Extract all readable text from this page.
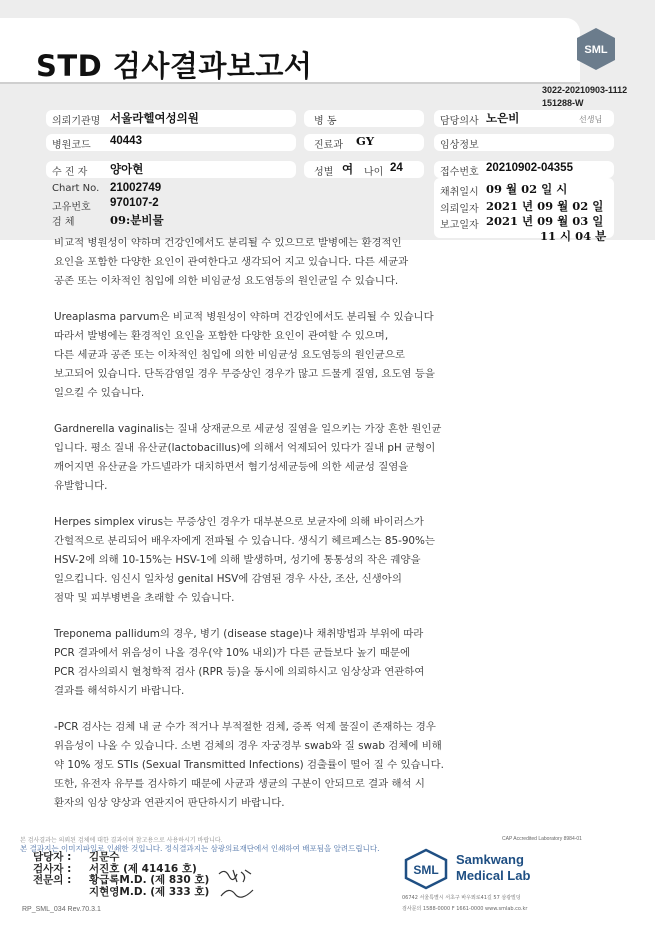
STD 검사결과보고서	SML
3022-20210903-1112
151288-W
의뢰기관명 서울라헬여성의원	병 동	담당의사 노은비	선생님
병원코드 40443	진료과 GY	임상정보
수 진 자 양아현	성별 여 나이 24	접수번호 20210902-04355
Chart No. 21002749
고유번호 970107-2
검 체	09:분비물
채취일시 09 월 02 일 시
의뢰일자 2021 년 09 월 02 일
보고일자 2021 년 09 월 03 일
11 시 04 분

비교적 병원성이 약하며 건강인에서도 분리될 수 있으므로 발병에는 환경적인
요인을 포함한 다양한 요인이 관여한다고 생각되어 지고 있습니다. 다른 세균과
공존 또는 이차적인 침입에 의한 비임균성 요도염등의 원인균일 수 있습니다.

Ureaplasma parvum은 비교적 병원성이 약하며 건강인에서도 분리될 수 있습니다
따라서 발병에는 환경적인 요인을 포함한 다양한 요인이 관여할 수 있으며,
다른 세균과 공존 또는 이차적인 침입에 의한 비임균성 요도염등의 원인균으로
보고되어 있습니다. 단독감염일 경우 무증상인 경우가 많고 드물게 질염, 요도염 등을
일으킬 수 있습니다.

Gardnerella vaginalis는 질내 상재균으로 세균성 질염을 일으키는 가장 흔한 원인균
입니다. 평소 질내 유산균(lactobacillus)에 의해서 억제되어 있다가 질내 pH 균형이
깨어지면 유산균을 가드넬라가 대치하면서 혐기성세균등에 의한 세균성 질염을
유발합니다.

Herpes simplex virus는 무증상인 경우가 대부분으로 보균자에 의해 바이러스가
간헐적으로 분리되어 배우자에게 전파될 수 있습니다. 생식기 헤르페스는 85-90%는
HSV-2에 의해 10-15%는 HSV-1에 의해 발생하며, 성기에 통통성의 작은 궤양을
일으킵니다. 임신시 일차성 genital HSV에 감염된 경우 사산, 조산, 신생아의
점막 및 피부병변을 초래할 수 있습니다.

Treponema pallidum의 경우, 병기 (disease stage)나 채취방법과 부위에 따라
PCR 결과에서 위음성이 나올 경우(약 10% 내외)가 다른 균들보다 높기 때문에
PCR 검사의뢰시 혈청학적 검사 (RPR 등)을 동시에 의뢰하시고 임상상과 연관하여
결과를 해석하시기 바랍니다.

-PCR 검사는 검체 내 균 수가 적거나 부적절한 검체, 증폭 억제 물질이 존재하는 경우
위음성이 나올 수 있습니다. 소변 검체의 경우 자궁경부 swab와 질 swab 검체에 비해
약 10% 정도 STIs (Sexual Transmitted Infections) 검출률이 떨어 질 수 있습니다.
또한, 유전자 유무를 검사하기 때문에 사균과 생균의 구분이 안되므로 결과 해석 시
환자의 임상 양상과 연관지어 판단하시기 바랍니다.

본 검사결과는 의뢰된 검체에 대한 결과이며 참고용으로 사용하시기 바랍니다.
본 결과지는 이미지파일로 인쇄한 것입니다. 정식결과지는 삼광의료재단에서 인쇄하여 배포됨을 알려드립니다.
CAP Accredited Laboratory 8984-01
담당자 :	김문수
검사자 :	서진호 (제 41416 호)
전문의 :	황급록M.D. (제 830 호)
지현영M.D. (제 333 호)
RP_SML_034 Rev.70.3.1
SML
Samkwang
Medical Lab
06742 서울특별시 서초구 바우뫼로41길 57 삼광빌딩
검사문의 1588-0000 F 1661-0000 www.smlab.co.kr
